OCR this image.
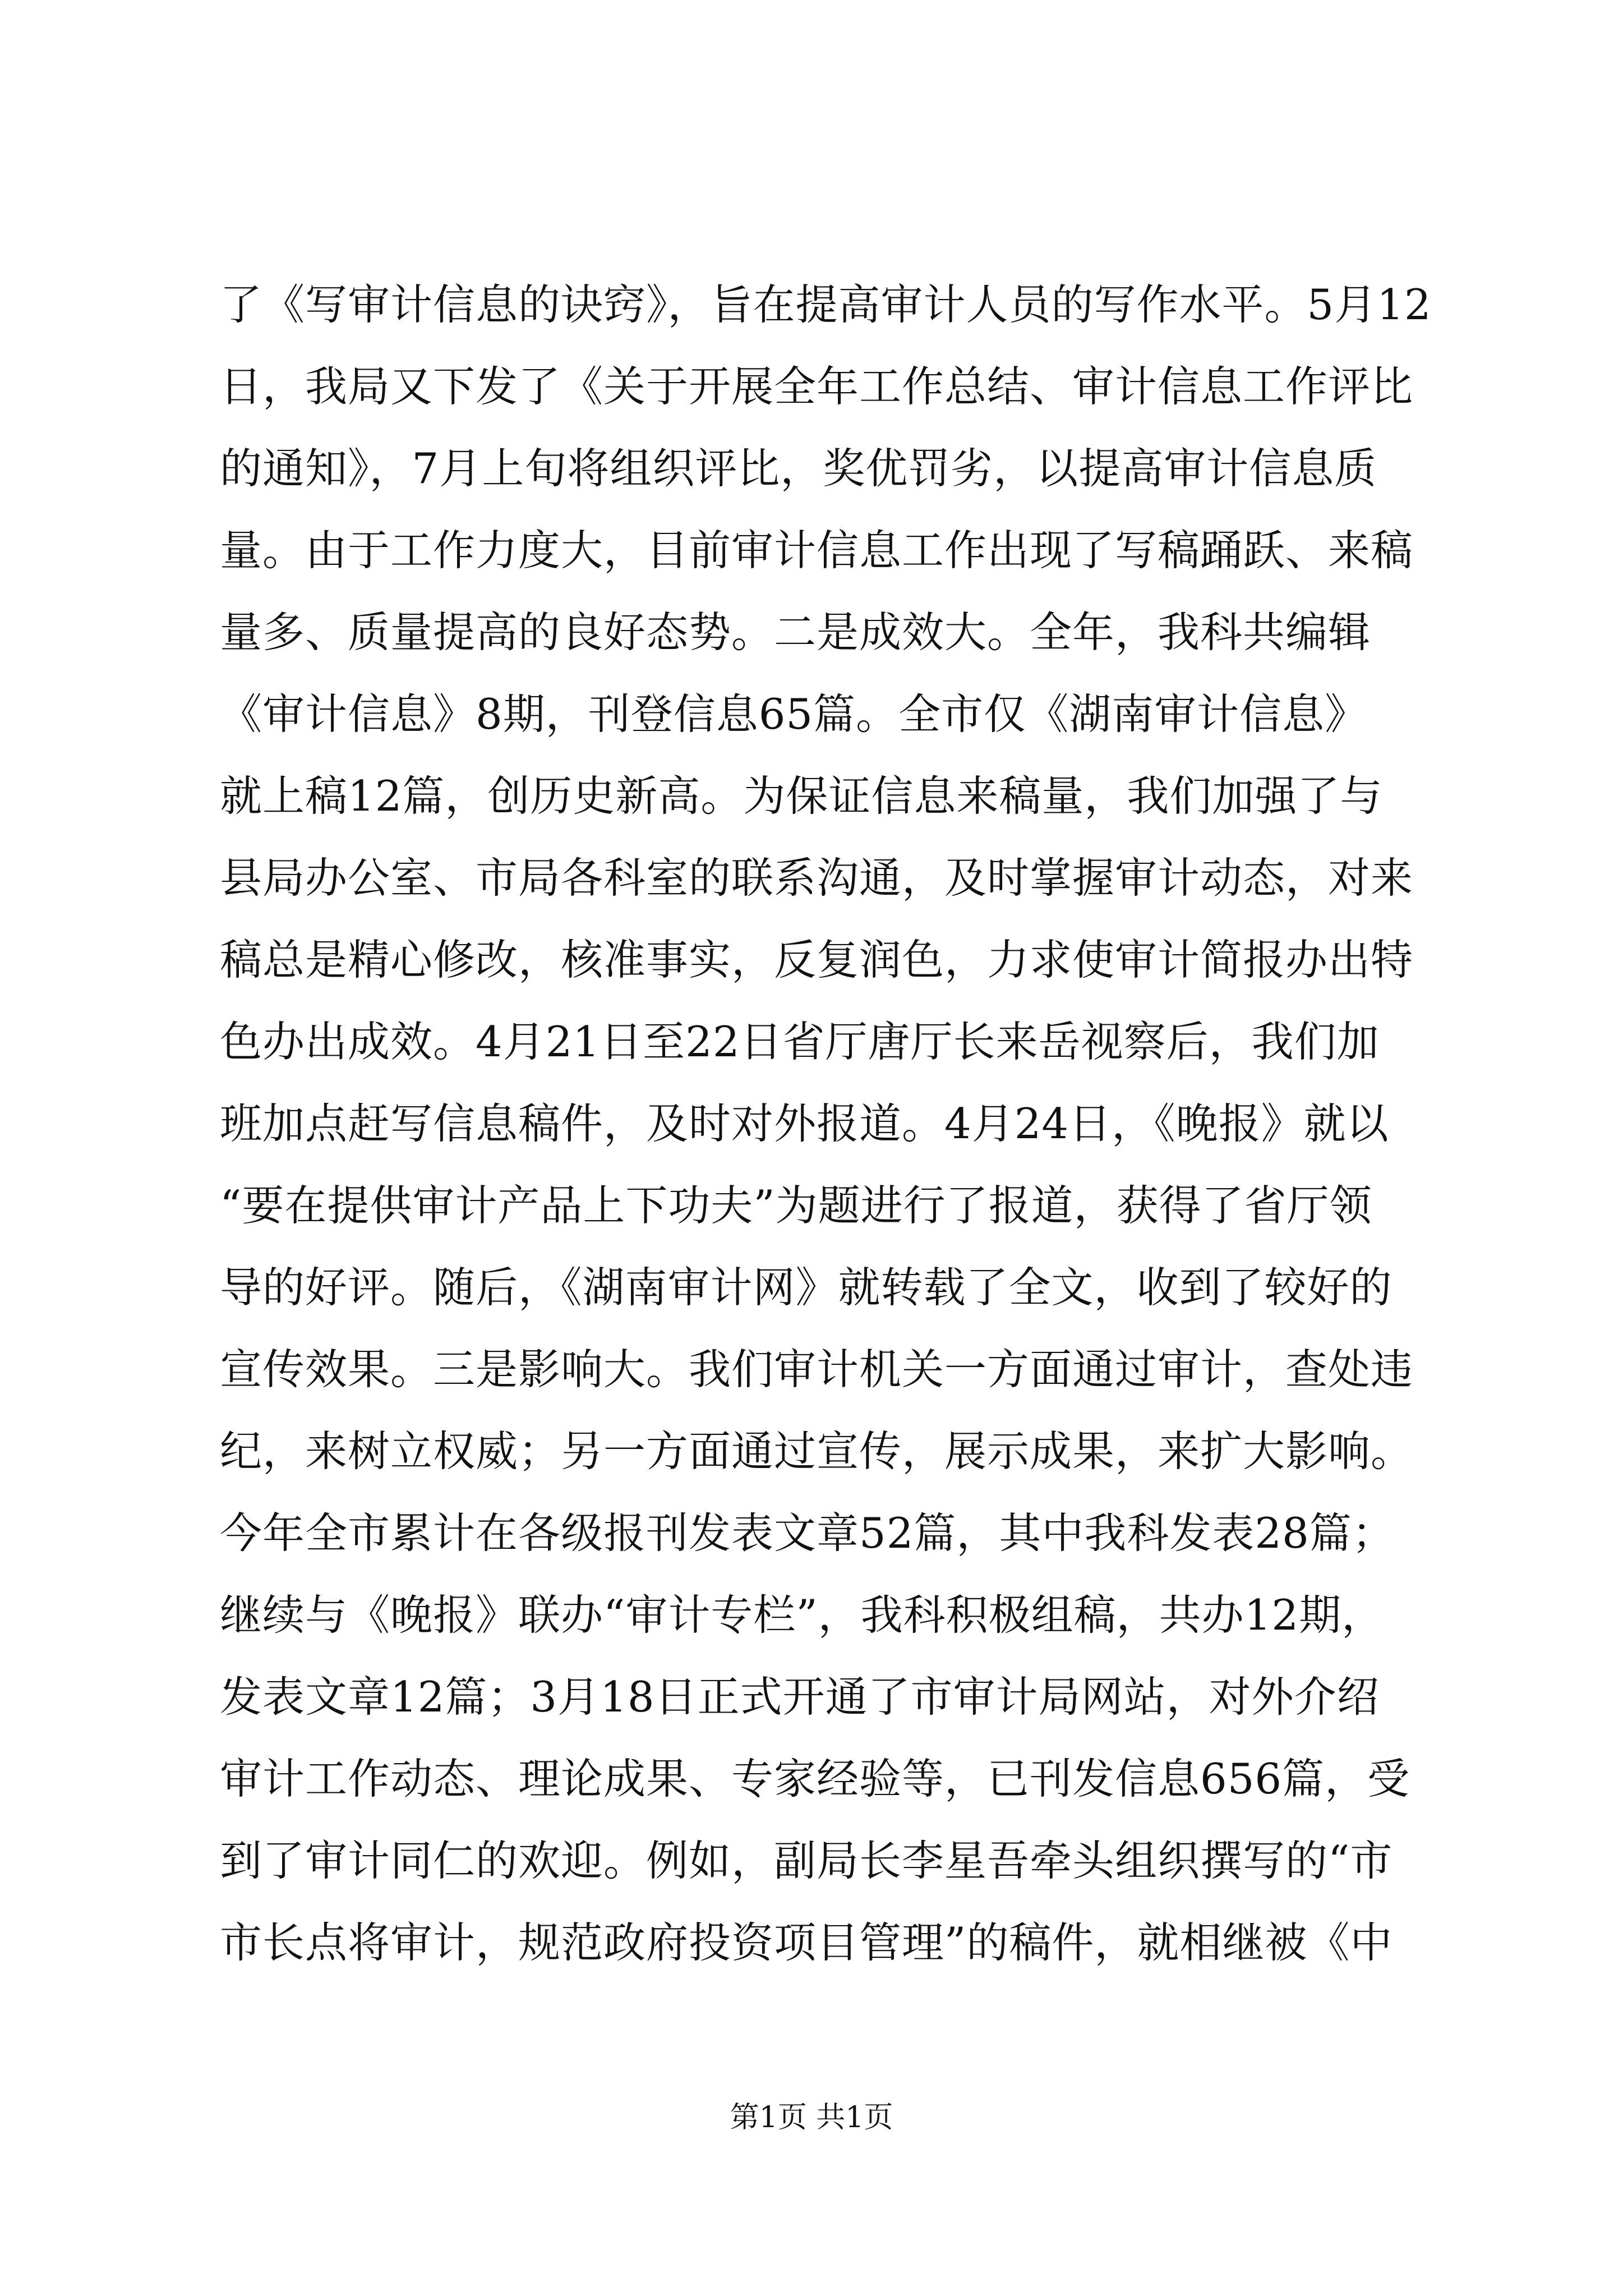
了《写审计信息的诀窍》，旨在提高审计人员的写作水平。5月12
日，我局又下发了《关于开展全年工作总结、审计信息工作评比
的通知》，7月上旬将组织评比，奖优罚劣，以提高审计信息质
量。由于工作力度大，目前审计信息工作出现了写稿踊跃、来稿
量多、质量提高的良好态势。二是成效大。全年，我科共编辑
《审计信息》8期，刊登信息65篇。全市仅《湖南审计信息》
就上稿12篇，创历史新高。为保证信息来稿量，我们加强了与
县局办公室、市局各科室的联系沟通，及时掌握审计动态，对来
稿总是精心修改，核准事实，反复润色，力求使审计简报办出特
色办出成效。4月21日至22日省厅唐厅长来岳视察后，我们加
班加点赶写信息稿件，及时对外报道。4月24日，《晚报》就以
“要在提供审计产品上下功夫”为题进行了报道，获得了省厅领
导的好评。随后，《湖南审计网》就转载了全文，收到了较好的
宣传效果。三是影响大。我们审计机关一方面通过审计，查处违
纪，来树立权威；另一方面通过宣传，展示成果，来扩大影响。
今年全市累计在各级报刊发表文章52篇，其中我科发表28篇；
继续与《晚报》联办“审计专栏”，我科积极组稿，共办12期，
发表文章12篇；3月18日正式开通了市审计局网站，对外介绍
审计工作动态、理论成果、专家经验等，已刊发信息656篇，受
到了审计同仁的欢迎。例如，副局长李星吾牵头组织撰写的“市
市长点将审计，规范政府投资项目管理”的稿件，就相继被《中
第1页 共1页
